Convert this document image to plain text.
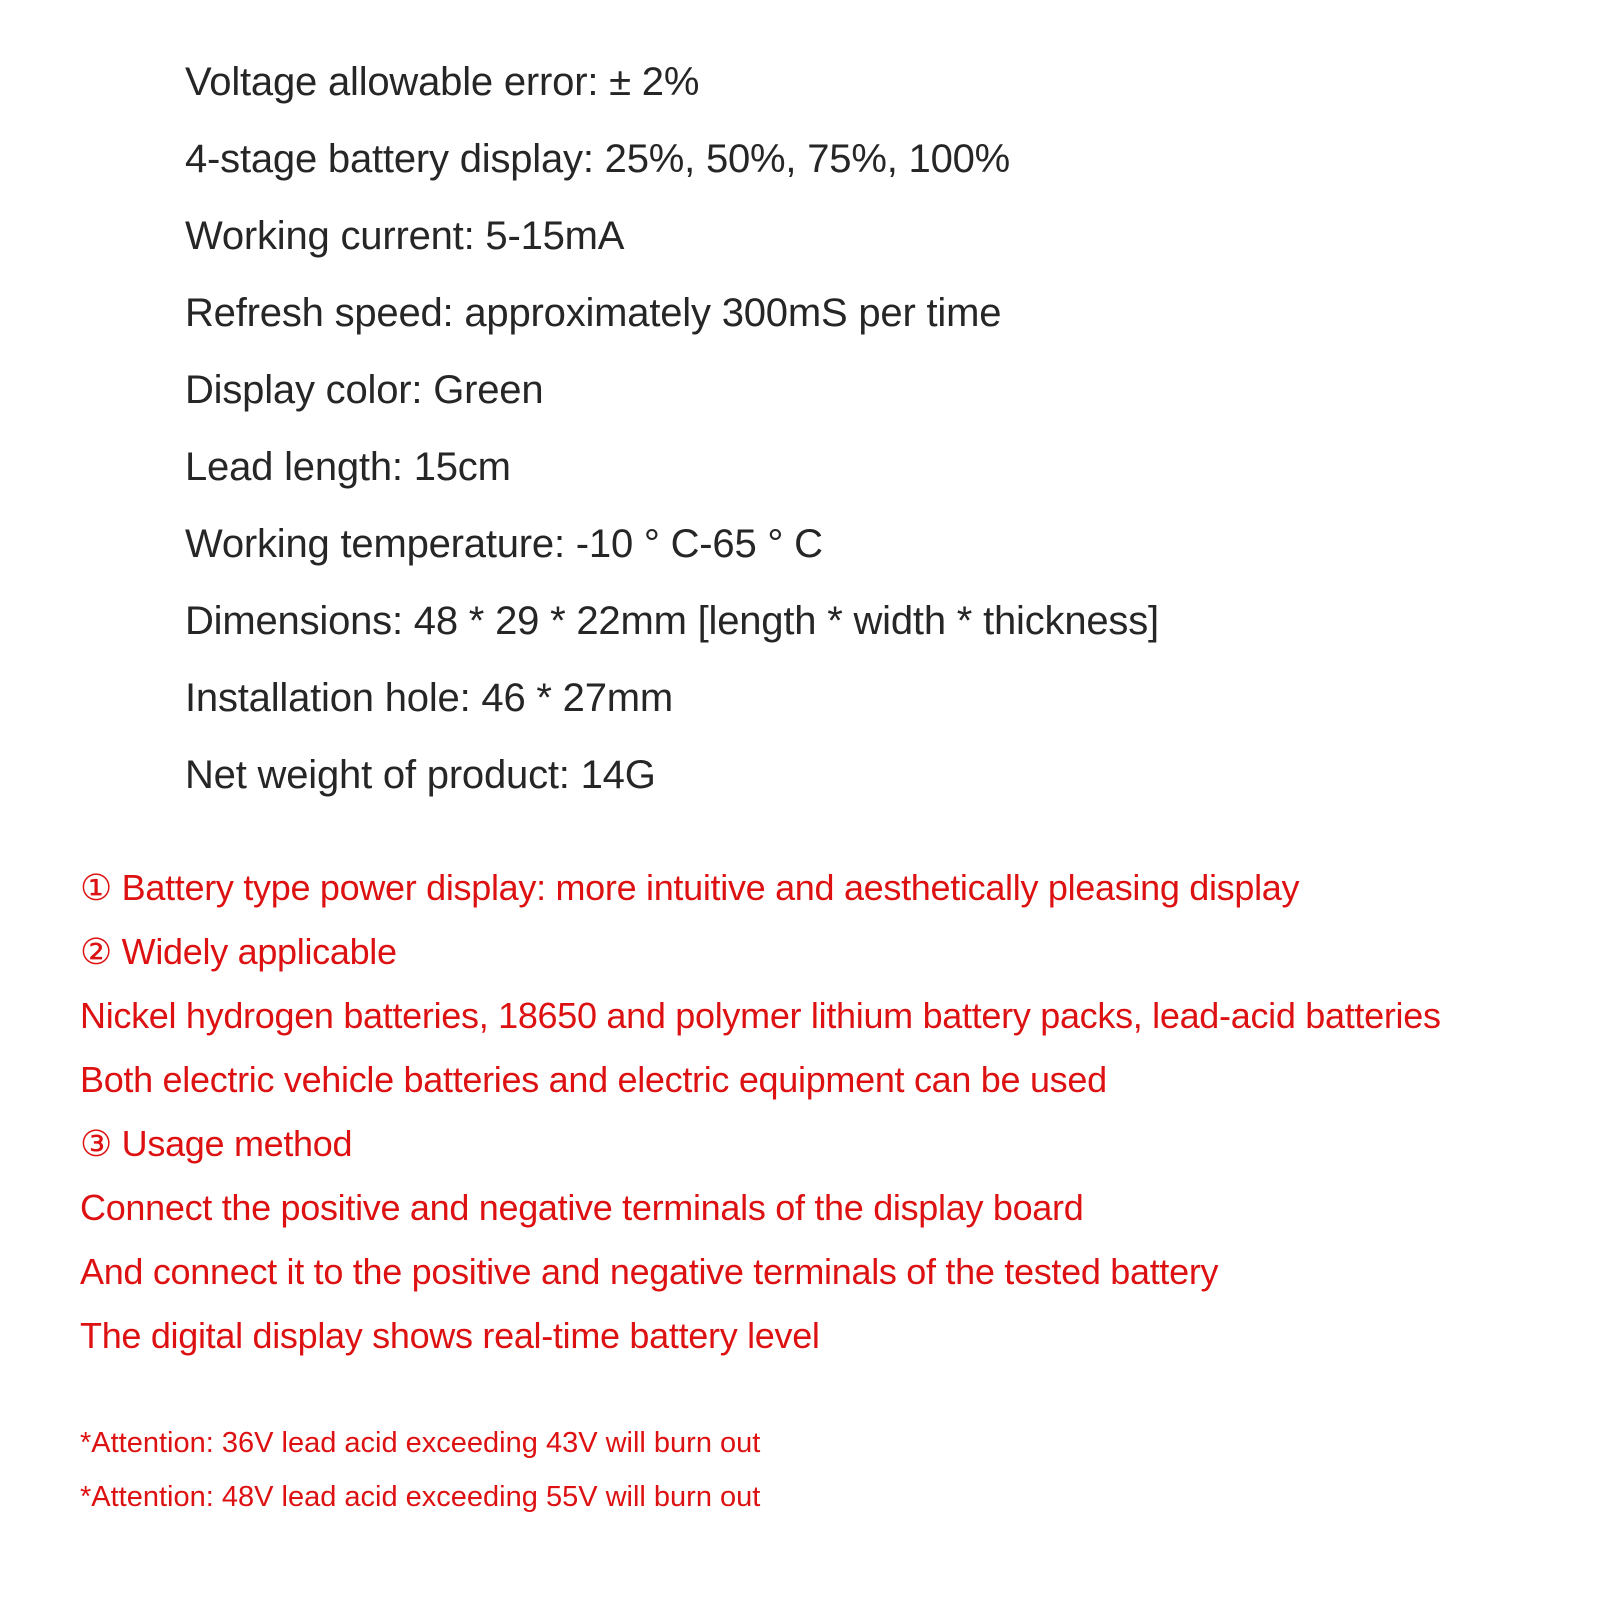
Voltage allowable error: ± 2%

4-stage battery display: 25%, 50%, 75%, 100%

Working current: 5-15mA

Refresh speed: approximately 300mS per time

Display color: Green

Lead length: 15cm

Working temperature: -10 ° C-65 ° C

Dimensions: 48 * 29 * 22mm [length * width * thickness]

Installation hole: 46 * 27mm

Net weight of product: 14G

① Battery type power display: more intuitive and aesthetically pleasing display

② Widely applicable

Nickel hydrogen batteries, 18650 and polymer lithium battery packs, lead-acid batteries

Both electric vehicle batteries and electric equipment can be used

③ Usage method

Connect the positive and negative terminals of the display board

And connect it to the positive and negative terminals of the tested battery

The digital display shows real-time battery level

*Attention: 36V lead acid exceeding 43V will burn out

*Attention: 48V lead acid exceeding 55V will burn out
